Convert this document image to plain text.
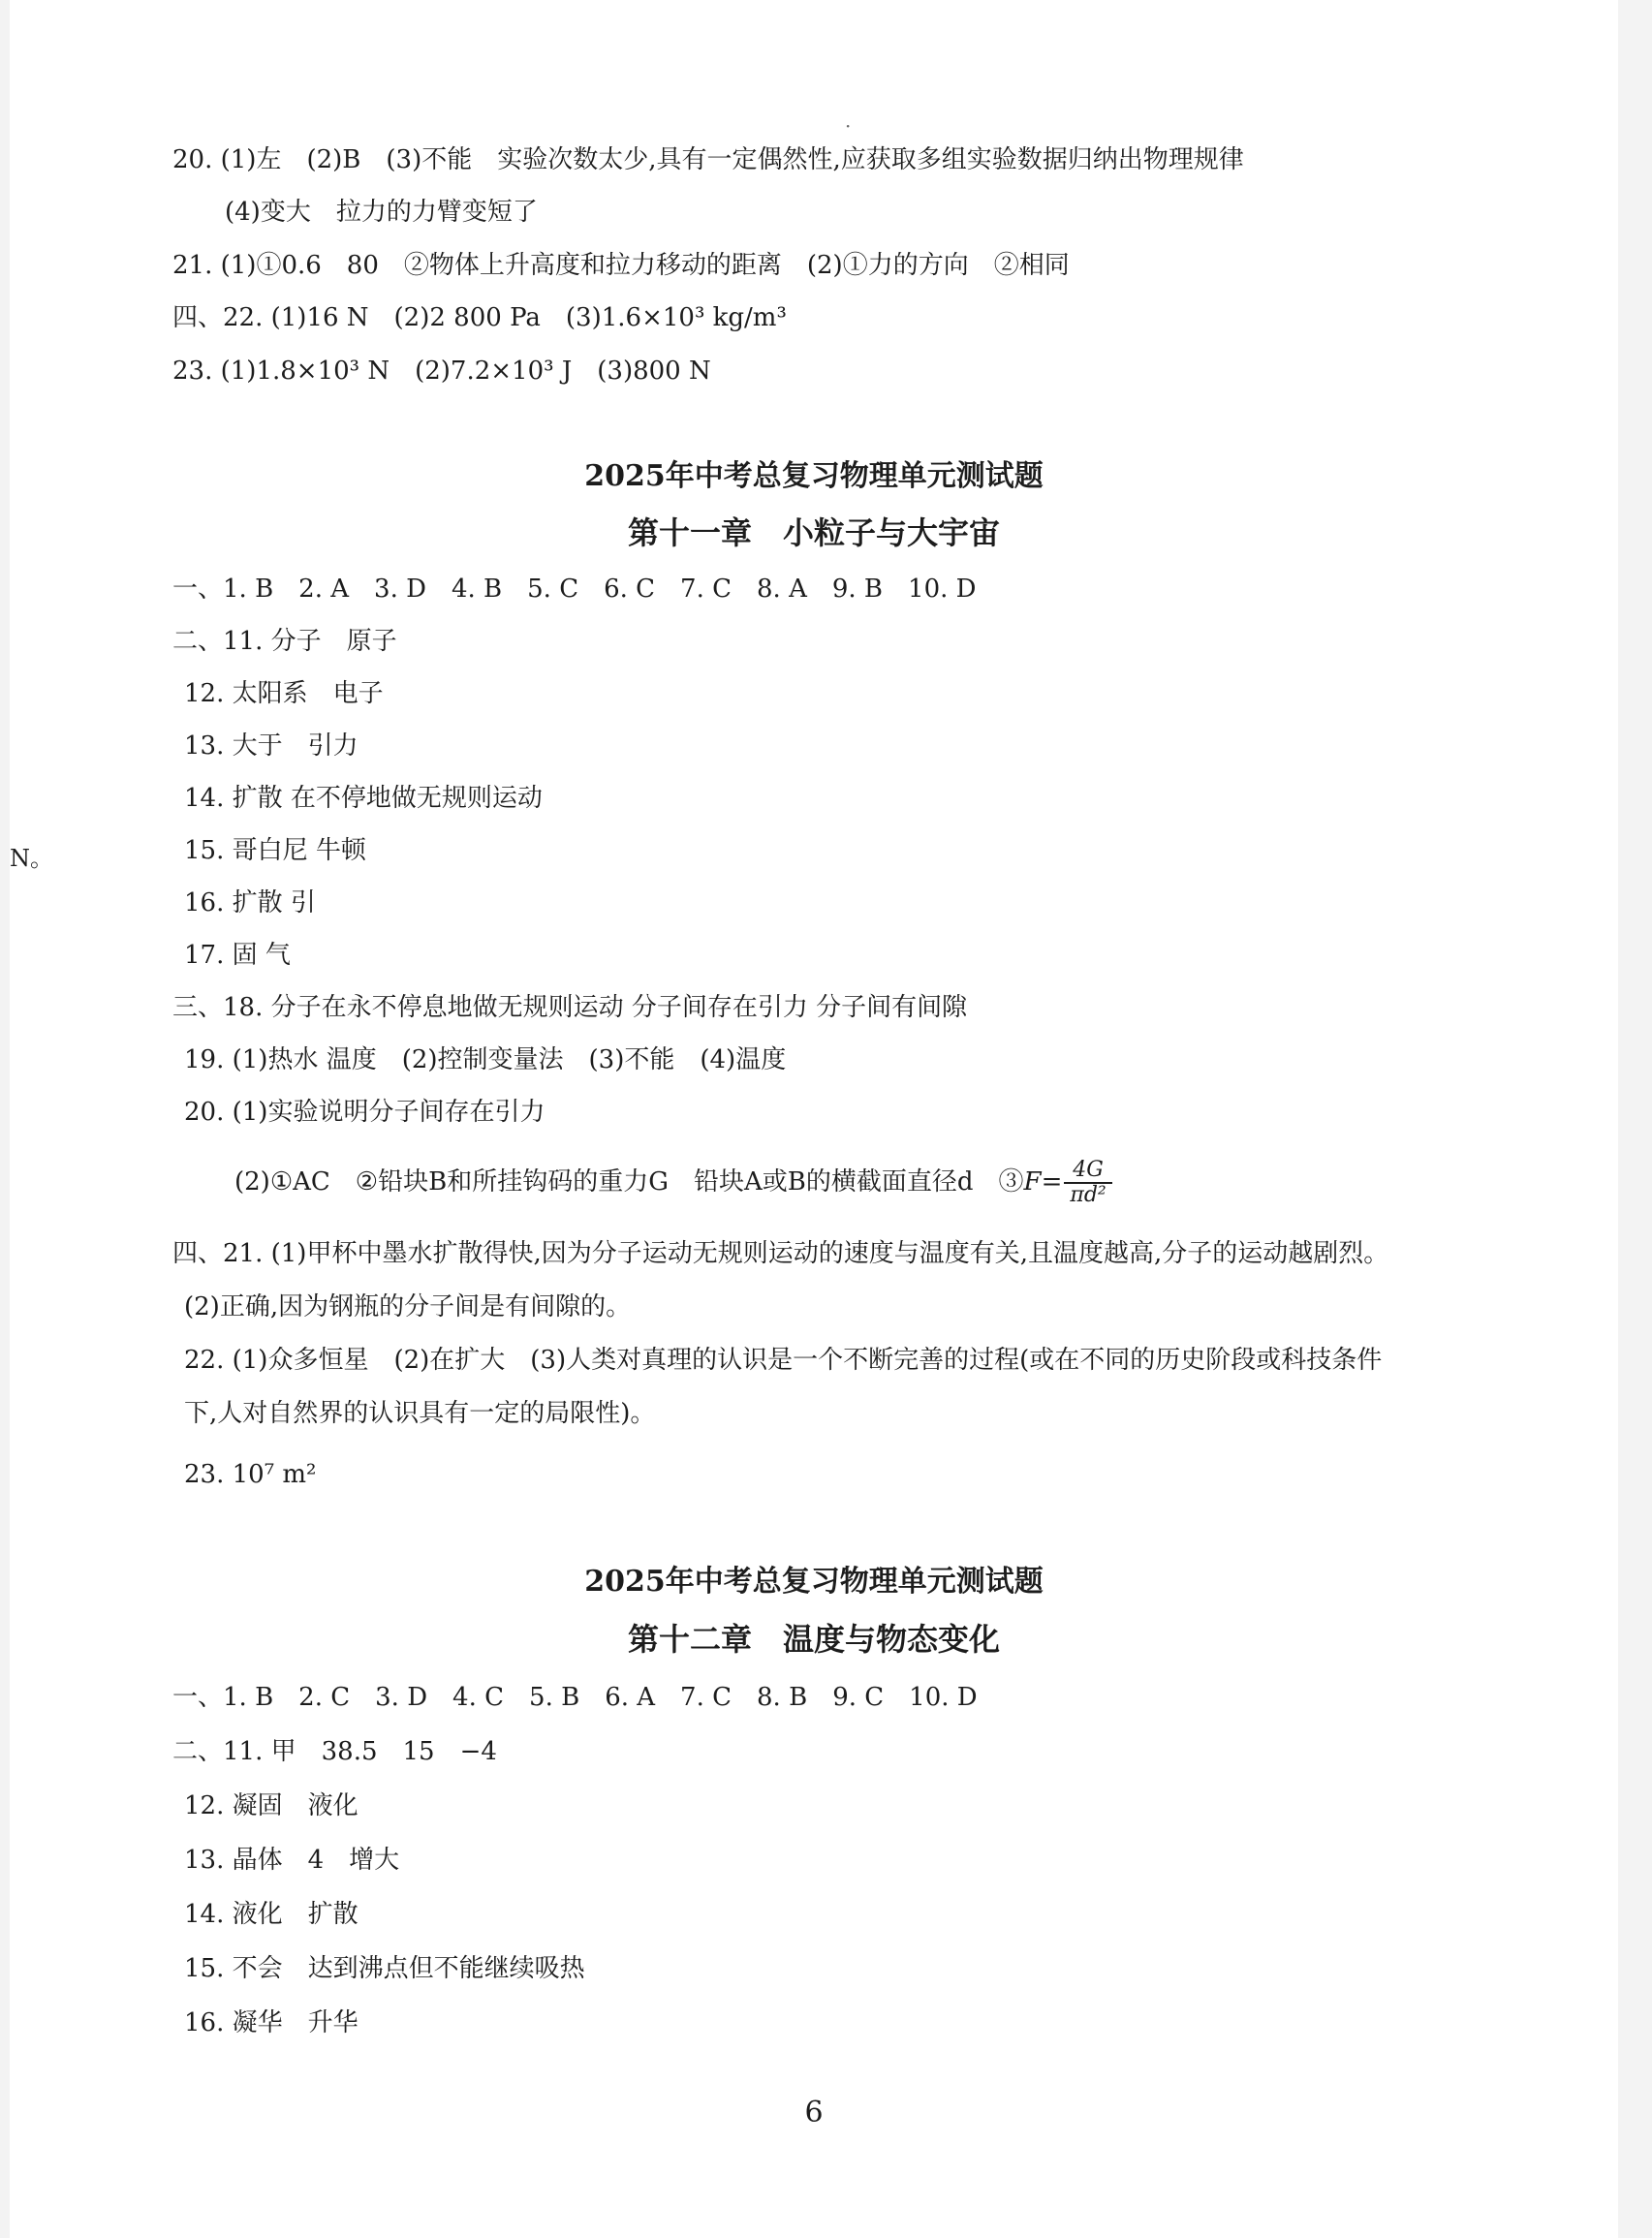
·
N。
20. (1)左　(2)B　(3)不能　实验次数太少,具有一定偶然性,应获取多组实验数据归纳出物理规律
(4)变大　拉力的力臂变短了
21. (1)①0.6　80　②物体上升高度和拉力移动的距离　(2)①力的方向　②相同
四、22. (1)16 N　(2)2 800 Pa　(3)1.6×10³ kg/m³
23. (1)1.8×10³ N　(2)7.2×10³ J　(3)800 N
2025年中考总复习物理单元测试题
第十一章　小粒子与大宇宙
一、1. B　2. A　3. D　4. B　5. C　6. C　7. C　8. A　9. B　10. D
二、11. 分子　原子
12. 太阳系　电子
13. 大于　引力
14. 扩散 在不停地做无规则运动
15. 哥白尼 牛顿
16. 扩散 引
17. 固 气
三、18. 分子在永不停息地做无规则运动 分子间存在引力 分子间有间隙
19. (1)热水 温度　(2)控制变量法　(3)不能　(4)温度
20. (1)实验说明分子间存在引力
(2)①AC　②铅块B和所挂钩码的重力G　铅块A或B的横截面直径d　③F= $\frac{4G}{\text{πd²}}$
四、21. (1)甲杯中墨水扩散得快,因为分子运动无规则运动的速度与温度有关,且温度越高,分子的运动越剧烈。
(2)正确,因为钢瓶的分子间是有间隙的。
22. (1)众多恒星　(2)在扩大　(3)人类对真理的认识是一个不断完善的过程(或在不同的历史阶段或科技条件
下,人对自然界的认识具有一定的局限性)。
23. 10⁷ m²
2025年中考总复习物理单元测试题
第十二章　温度与物态变化
一、1. B　2. C　3. D　4. C　5. B　6. A　7. C　8. B　9. C　10. D
二、11. 甲　38.5　15　−4
12. 凝固　液化
13. 晶体　4　增大
14. 液化　扩散
15. 不会　达到沸点但不能继续吸热
16. 凝华　升华
6
